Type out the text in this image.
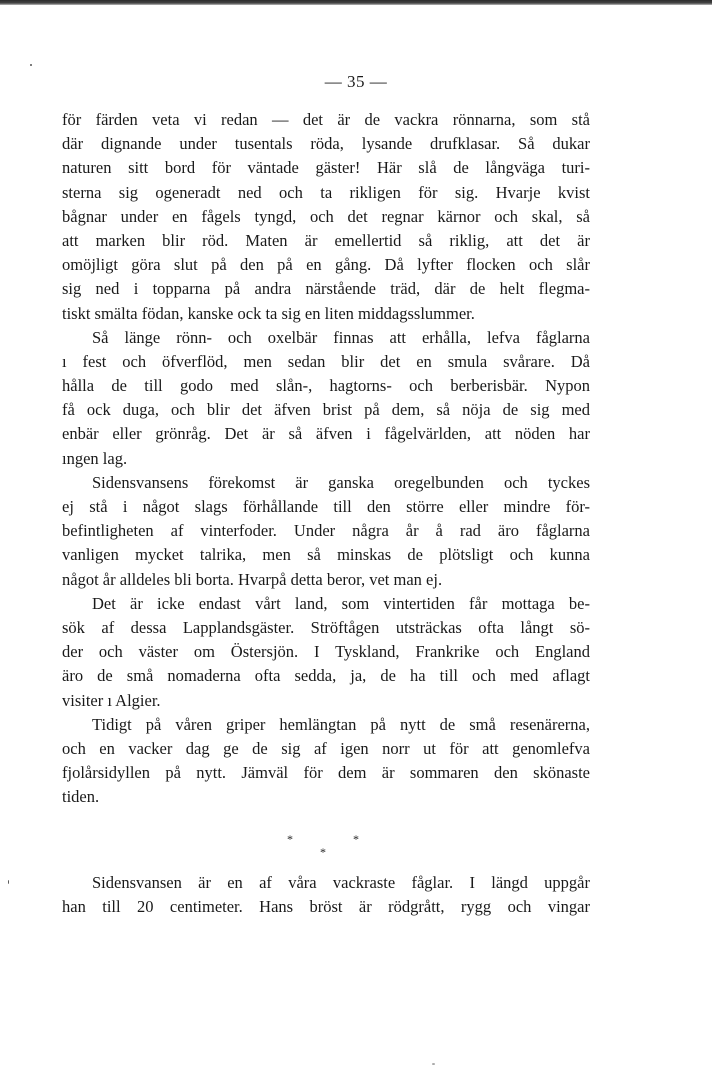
— 35 —
för färden veta vi redan — det är de vackra rönnarna, som stå
där dignande under tusentals röda, lysande drufklasar. Så dukar
naturen sitt bord för väntade gäster! Här slå de långväga turi-
sterna sig ogeneradt ned och ta rikligen för sig. Hvarje kvist
bågnar under en fågels tyngd, och det regnar kärnor och skal, så
att marken blir röd. Maten är emellertid så riklig, att det är
omöjligt göra slut på den på en gång. Då lyfter flocken och slår
sig ned i topparna på andra närstående träd, där de helt flegma-
tiskt smälta födan, kanske ock ta sig en liten middagsslummer.
Så länge rönn- och oxelbär finnas att erhålla, lefva fåglarna
ı fest och öfverflöd, men sedan blir det en smula svårare. Då
hålla de till godo med slån-, hagtorns- och berberisbär. Nypon
få ock duga, och blir det äfven brist på dem, så nöja de sig med
enbär eller grönråg. Det är så äfven i fågelvärlden, att nöden har
ıngen lag.
Sidensvansens förekomst är ganska oregelbunden och tyckes
ej stå i något slags förhållande till den större eller mindre för-
befintligheten af vinterfoder. Under några år å rad äro fåglarna
vanligen mycket talrika, men så minskas de plötsligt och kunna
något år alldeles bli borta. Hvarpå detta beror, vet man ej.
Det är icke endast vårt land, som vintertiden får mottaga be-
sök af dessa Lapplandsgäster. Ströftågen utsträckas ofta långt sö-
der och väster om Östersjön. I Tyskland, Frankrike och England
äro de små nomaderna ofta sedda, ja, de ha till och med aflagt
visiter ı Algier.
Tidigt på våren griper hemlängtan på nytt de små resenärerna,
och en vacker dag ge de sig af igen norr ut för att genomlefva
fjolårsidyllen på nytt. Jämväl för dem är sommaren den skönaste
tiden.
*	*
*
Sidensvansen är en af våra vackraste fåglar. I längd uppgår
han till 20 centimeter. Hans bröst är rödgrått, rygg och vingar
